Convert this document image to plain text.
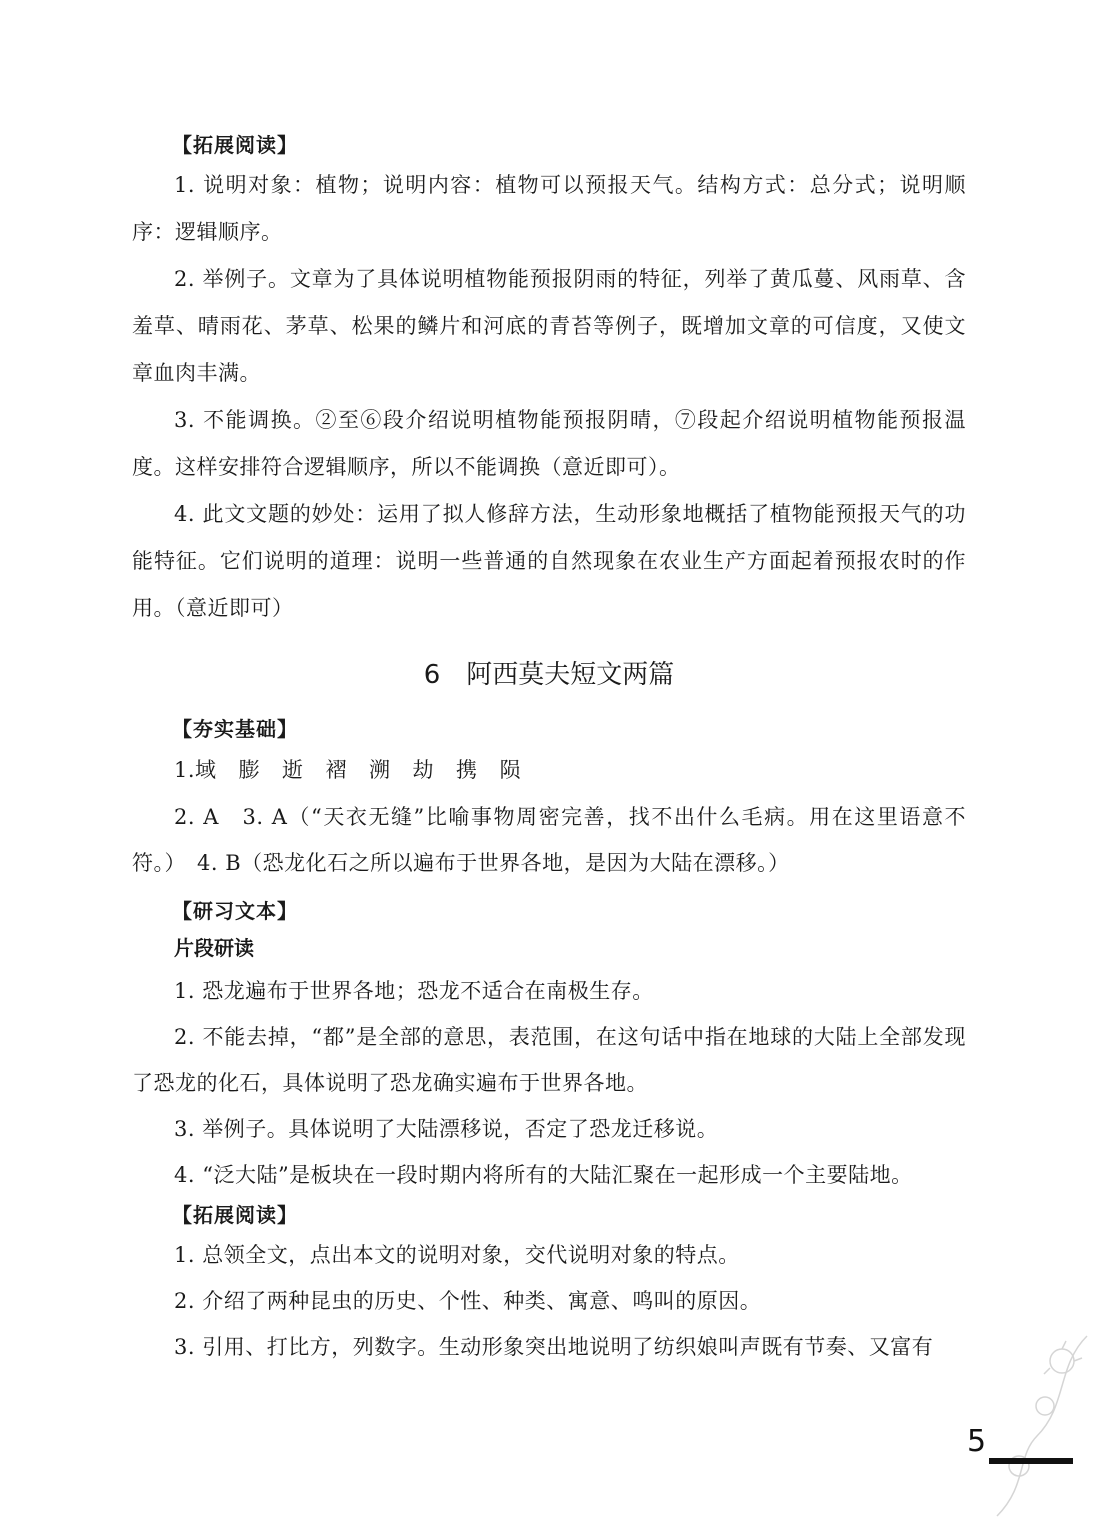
【拓展阅读】
1. 说明对象：植物；说明内容：植物可以预报天气。结构方式：总分式；说明顺序：逻辑顺序。
2. 举例子。文章为了具体说明植物能预报阴雨的特征，列举了黄瓜蔓、风雨草、含羞草、晴雨花、茅草、松果的鳞片和河底的青苔等例子，既增加文章的可信度，又使文章血肉丰满。
3. 不能调换。②至⑥段介绍说明植物能预报阴晴，⑦段起介绍说明植物能预报温度。这样安排符合逻辑顺序，所以不能调换（意近即可）。
4. 此文文题的妙处：运用了拟人修辞方法，生动形象地概括了植物能预报天气的功能特征。它们说明的道理：说明一些普通的自然现象在农业生产方面起着预报农时的作用。（意近即可）
6 阿西莫夫短文两篇
【夯实基础】
1.域 膨 逝 褶 溯 劫 携 陨
2. A　3. A（“天衣无缝”比喻事物周密完善，找不出什么毛病。用在这里语意不符。）　4. B（恐龙化石之所以遍布于世界各地，是因为大陆在漂移。）
【研习文本】
片段研读
1. 恐龙遍布于世界各地；恐龙不适合在南极生存。
2. 不能去掉，“都”是全部的意思，表范围，在这句话中指在地球的大陆上全部发现了恐龙的化石，具体说明了恐龙确实遍布于世界各地。
3. 举例子。具体说明了大陆漂移说，否定了恐龙迁移说。
4. “泛大陆”是板块在一段时期内将所有的大陆汇聚在一起形成一个主要陆地。
【拓展阅读】
1. 总领全文，点出本文的说明对象，交代说明对象的特点。
2. 介绍了两种昆虫的历史、个性、种类、寓意、鸣叫的原因。
3. 引用、打比方，列数字。生动形象突出地说明了纺织娘叫声既有节奏、又富有
5
